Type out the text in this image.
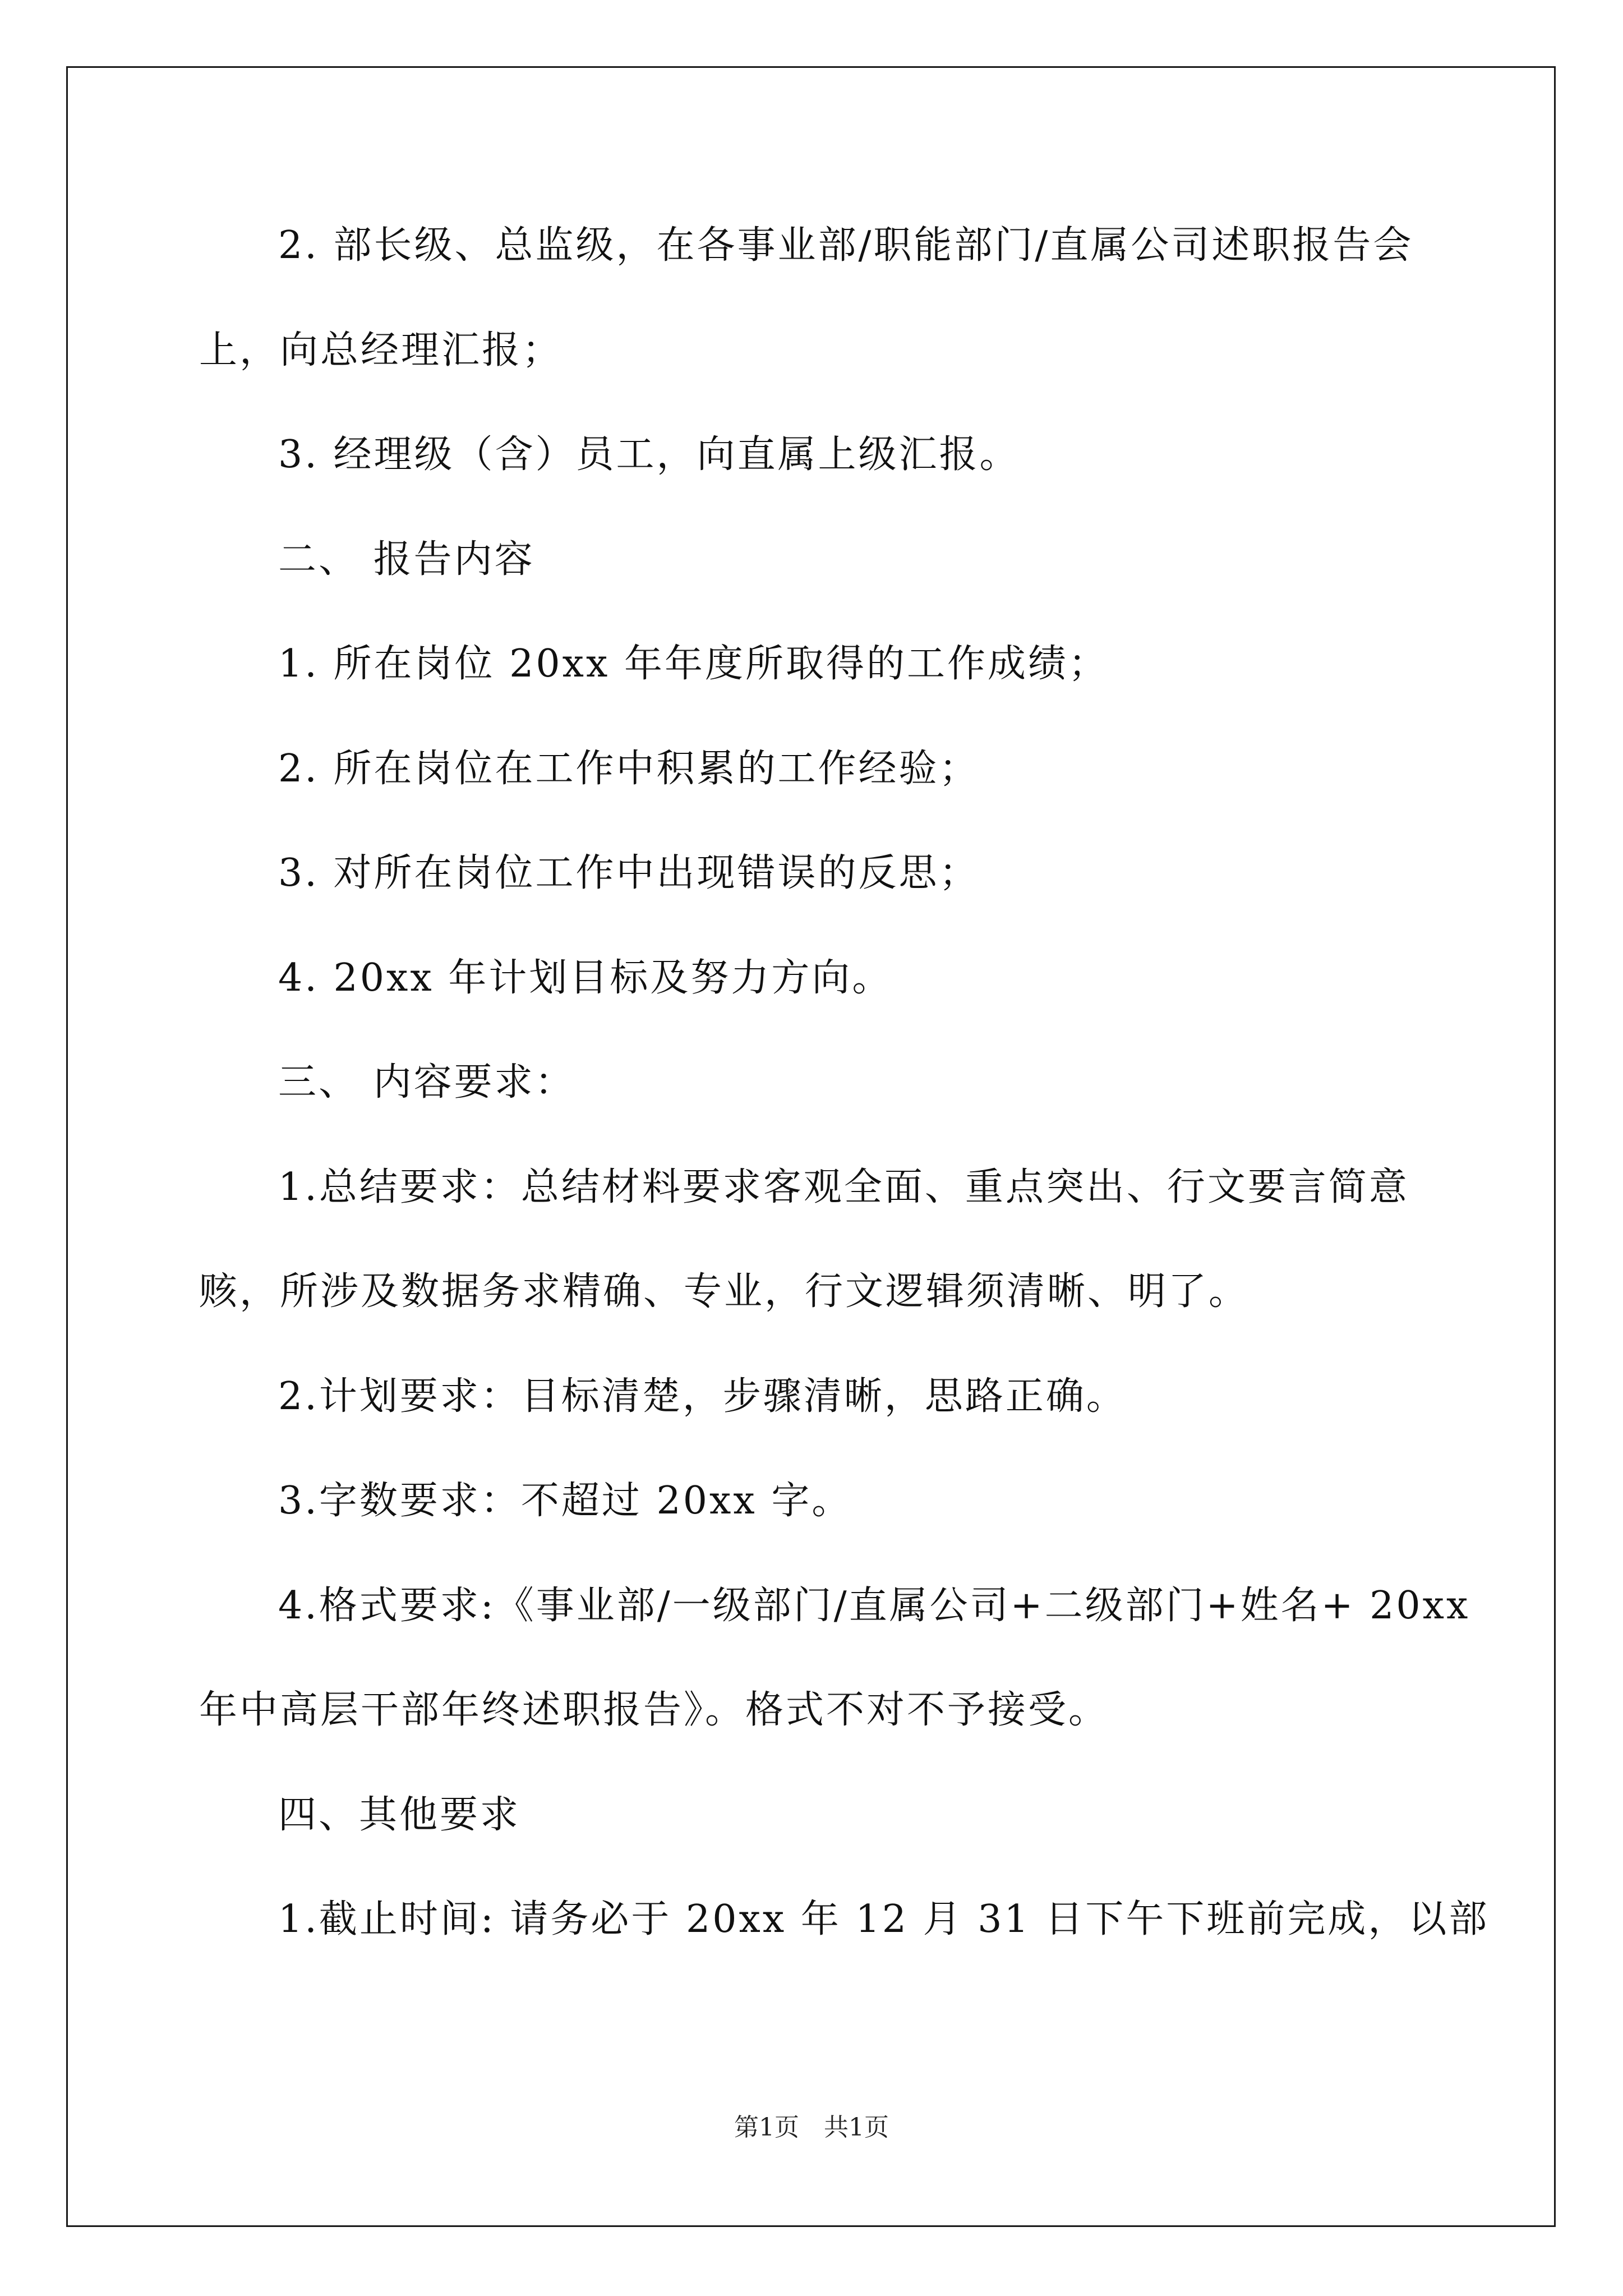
2. 部长级、总监级，在各事业部/职能部门/直属公司述职报告会
上，向总经理汇报；
3. 经理级（含）员工，向直属上级汇报。
二、 报告内容
1. 所在岗位 20xx 年年度所取得的工作成绩；
2. 所在岗位在工作中积累的工作经验；
3. 对所在岗位工作中出现错误的反思；
4. 20xx 年计划目标及努力方向。
三、 内容要求：
1.总结要求：总结材料要求客观全面、重点突出、行文要言简意
赅，所涉及数据务求精确、专业，行文逻辑须清晰、明了。
2.计划要求：目标清楚，步骤清晰，思路正确。
3.字数要求：不超过 20xx 字。
4.格式要求:《事业部/一级部门/直属公司+二级部门+姓名+ 20xx
年中高层干部年终述职报告》。格式不对不予接受。
四、其他要求
1.截止时间: 请务必于 20xx 年 12 月 31 日下午下班前完成，以部
第1页　共1页
